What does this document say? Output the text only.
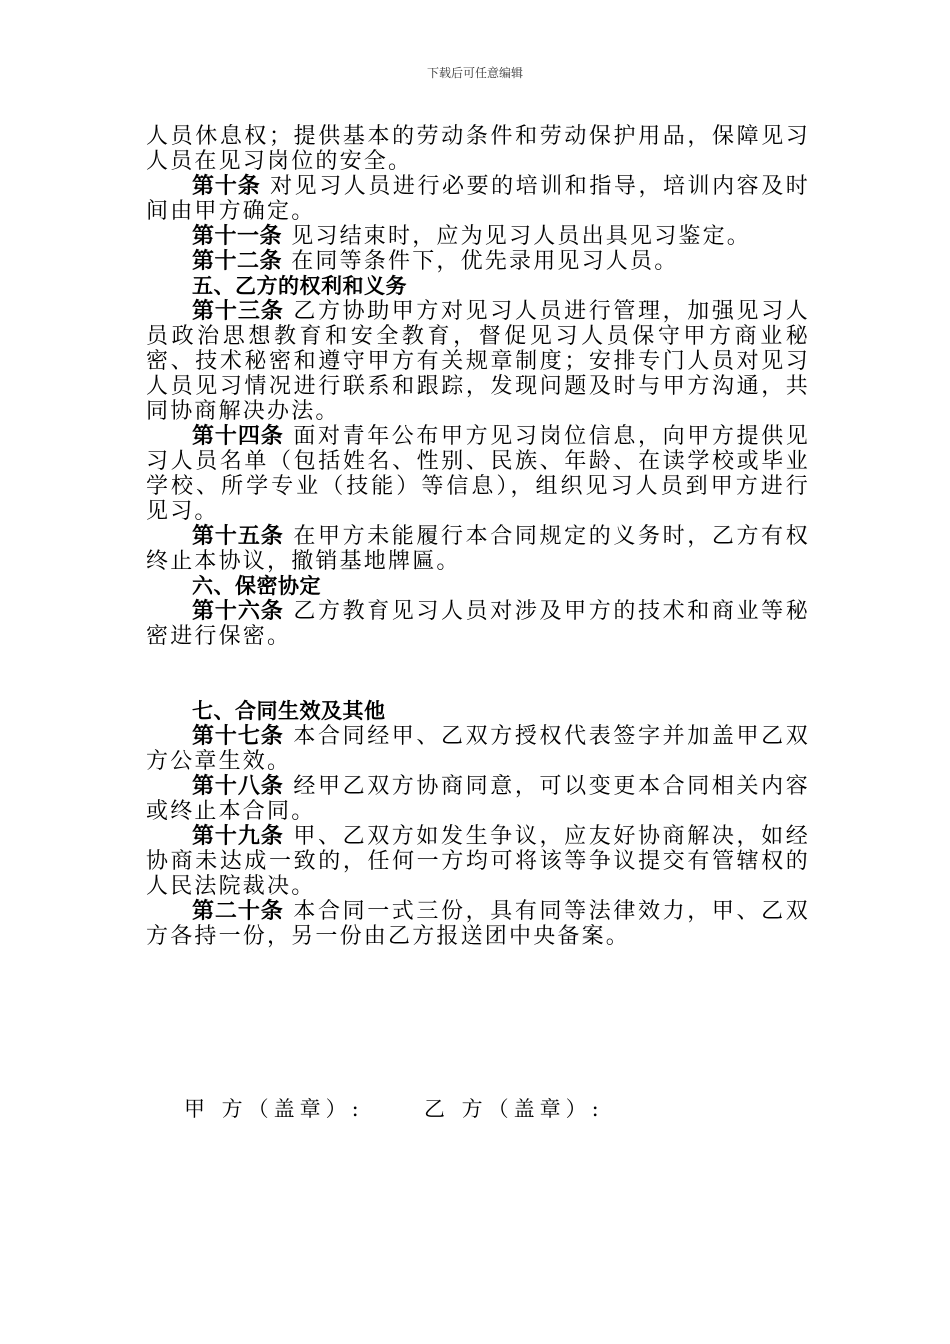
下载后可任意编辑

人员休息权；提供基本的劳动条件和劳动保护用品，保障见习人员在见习岗位的安全。

第十条 对见习人员进行必要的培训和指导，培训内容及时间由甲方确定。

第十一条 见习结束时，应为见习人员出具见习鉴定。

第十二条 在同等条件下，优先录用见习人员。

五、乙方的权利和义务

第十三条 乙方协助甲方对见习人员进行管理，加强见习人员政治思想教育和安全教育，督促见习人员保守甲方商业秘密、技术秘密和遵守甲方有关规章制度；安排专门人员对见习人员见习情况进行联系和跟踪，发现问题及时与甲方沟通，共同协商解决办法。

第十四条 面对青年公布甲方见习岗位信息，向甲方提供见习人员名单（包括姓名、性别、民族、年龄、在读学校或毕业学校、所学专业（技能）等信息），组织见习人员到甲方进行见习。

第十五条 在甲方未能履行本合同规定的义务时，乙方有权终止本协议，撤销基地牌匾。

六、保密协定

第十六条 乙方教育见习人员对涉及甲方的技术和商业等秘密进行保密。

七、合同生效及其他

第十七条 本合同经甲、乙双方授权代表签字并加盖甲乙双方公章生效。

第十八条 经甲乙双方协商同意，可以变更本合同相关内容或终止本合同。

第十九条 甲、乙双方如发生争议，应友好协商解决，如经协商未达成一致的，任何一方均可将该等争议提交有管辖权的人民法院裁决。

第二十条 本合同一式三份，具有同等法律效力，甲、乙双方各持一份，另一份由乙方报送团中央备案。

甲 方（盖章）:	乙 方（盖章）:
